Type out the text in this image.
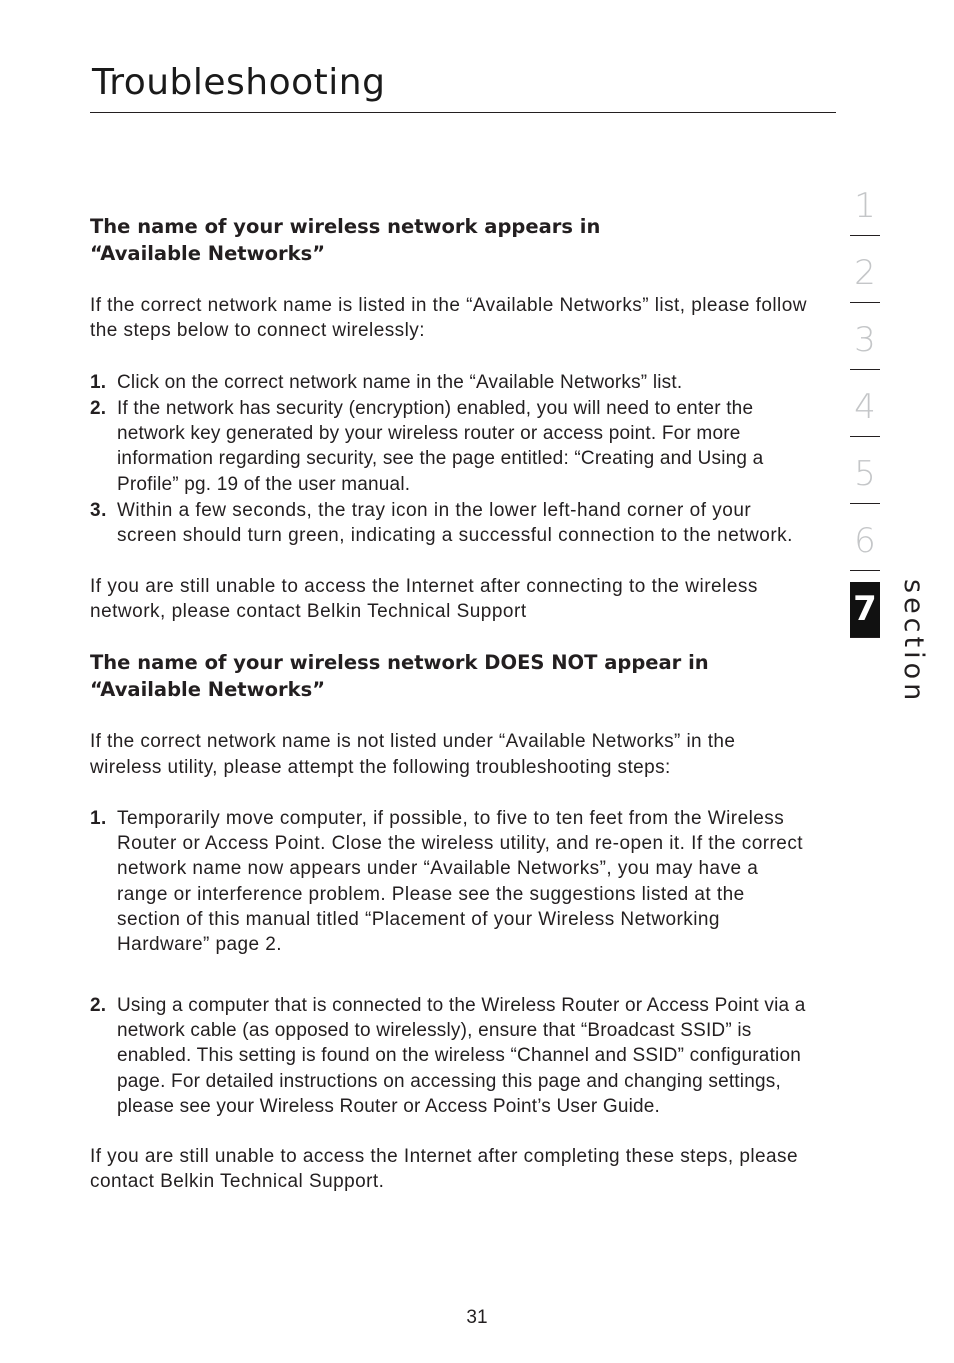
Troubleshooting

The name of your wireless network appears in
“Available Networks”

If the correct network name is listed in the “Available Networks” list, please follow the steps below to connect wirelessly:

1. Click on the correct network name in the “Available Networks” list.
2. If the network has security (encryption) enabled, you will need to enter the network key generated by your wireless router or access point. For more information regarding security, see the page entitled: “Creating and Using a Profile” pg. 19 of the user manual.
3. Within a few seconds, the tray icon in the lower left-hand corner of your screen should turn green, indicating a successful connection to the network.

If you are still unable to access the Internet after connecting to the wireless network, please contact Belkin Technical Support

The name of your wireless network DOES NOT appear in
“Available Networks”

If the correct network name is not listed under “Available Networks” in the wireless utility, please attempt the following troubleshooting steps:

1. Temporarily move computer, if possible, to five to ten feet from the Wireless Router or Access Point. Close the wireless utility, and re-open it. If the correct network name now appears under “Available Networks”, you may have a range or interference problem. Please see the suggestions listed at the section of this manual titled “Placement of your Wireless Networking Hardware” page 2.
2. Using a computer that is connected to the Wireless Router or Access Point via a network cable (as opposed to wirelessly), ensure that “Broadcast SSID” is enabled. This setting is found on the wireless “Channel and SSID” configuration page. For detailed instructions on accessing this page and changing settings, please see your Wireless Router or Access Point’s User Guide.

If you are still unable to access the Internet after completing these steps, please contact Belkin Technical Support.

1
2
3
4
5
6
7 section
31
